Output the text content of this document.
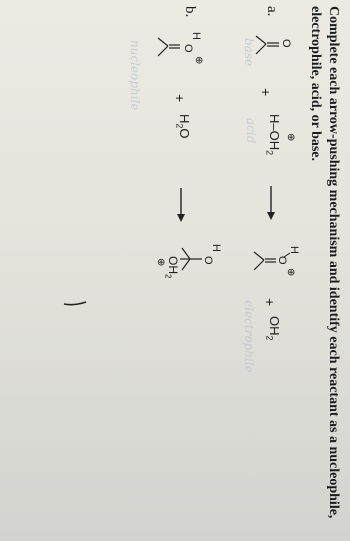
Complete each arrow-pushing mechanism and identify each reactant as a nucleophile, electrophile, acid, or base.
a.
O
+
$H-OH_2$
⊕
H
O
⊕
+
$OH_2$
base
acid
electrophile
nucleophile
b.
H
O
⊕
+
$H_2O$
H
O
$OH_2$
⊕
